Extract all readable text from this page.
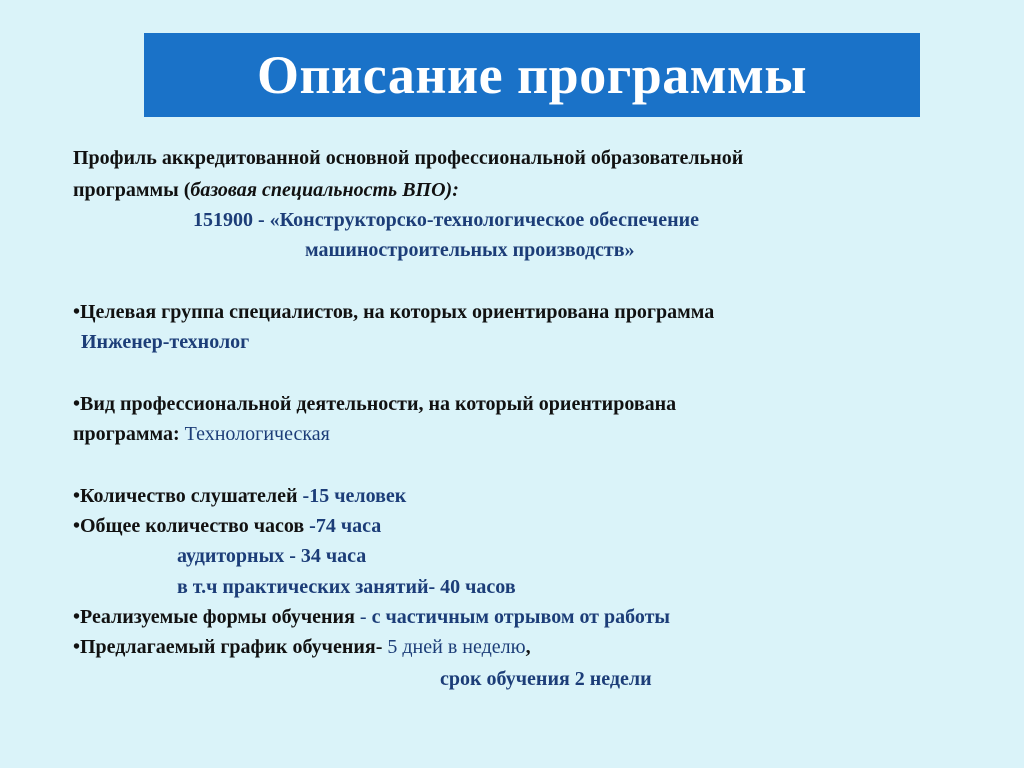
Описание программы
Профиль аккредитованной основной профессиональной образовательной
программы (базовая специальность ВПО):
151900 - «Конструкторско-технологическое обеспечение
машиностроительных производств»
•Целевая группа специалистов, на которых ориентирована программа
Инженер-технолог
•Вид профессиональной деятельности, на который ориентирована
программа: Технологическая
•Количество слушателей -15 человек
•Общее количество часов -74 часа
аудиторных - 34 часа
в т.ч практических занятий- 40 часов
•Реализуемые формы обучения - с частичным отрывом от работы
•Предлагаемый график обучения- 5 дней в неделю,
срок обучения 2 недели
